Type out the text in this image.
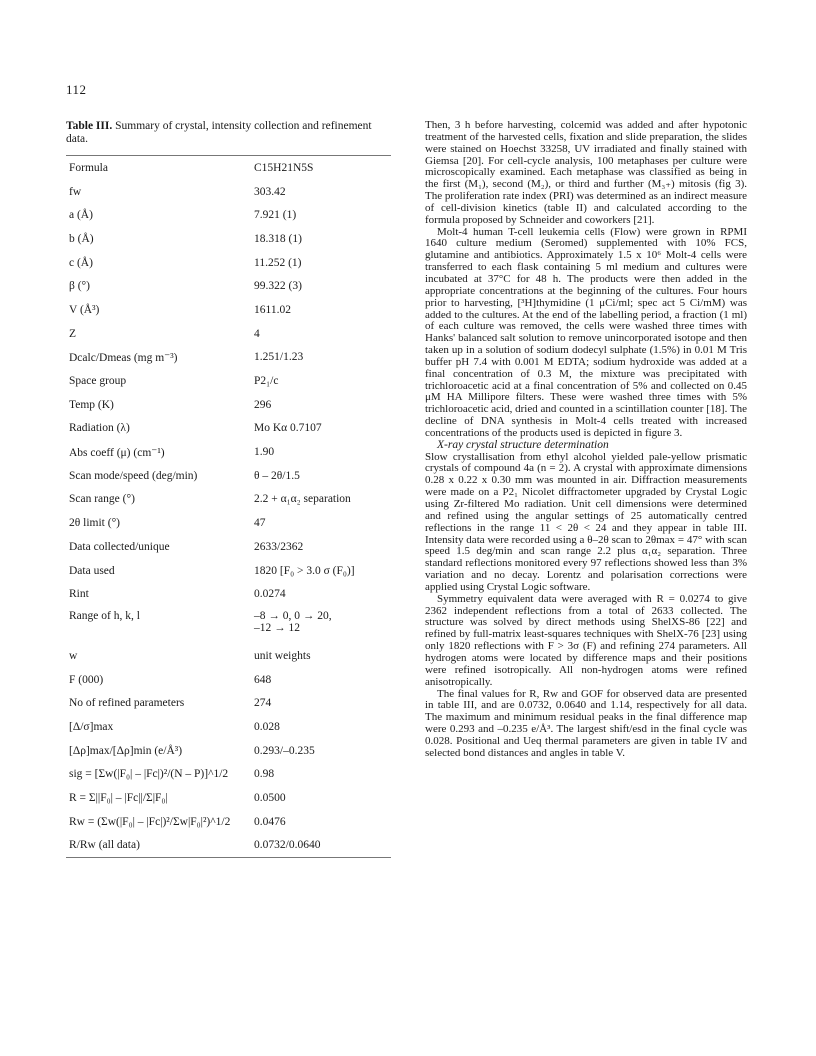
112

Table III. Summary of crystal, intensity collection and refinement data.

Formula	C15H21N5S
fw	303.42
a (Å)	7.921 (1)
b (Å)	18.318 (1)
c (Å)	11.252 (1)
β (°)	99.322 (3)
V (Å³)	1611.02
Z	4
Dcalc/Dmeas (mg m⁻³)	1.251/1.23
Space group	P2₁/c
Temp (K)	296
Radiation (λ)	Mo Kα 0.7107
Abs coeff (μ) (cm⁻¹)	1.90
Scan mode/speed (deg/min)	θ – 2θ/1.5
Scan range (°)	2.2 + α₁α₂ separation
2θ limit (°)	47
Data collected/unique	2633/2362
Data used	1820 [F₀ > 3.0 σ (F₀)]
Rint	0.0274
Range of h, k, l	–8 → 0, 0 → 20,
–12 → 12

w	unit weights
F (000)	648
No of refined parameters	274
[Δ/σ]max	0.028
[Δρ]max/[Δρ]min (e/Å³)	0.293/–0.235
sig = [Σw(|F₀| – |Fc|)²/(N – P)]^1/2	0.98
R = Σ||F₀| – |Fc||/Σ|F₀|	0.0500
Rw = (Σw(|F₀| – |Fc|)²/Σw|F₀|²)^1/2	0.0476
R/Rw (all data)	0.0732/0.0640

Then, 3 h before harvesting, colcemid was added and after hypotonic treatment of the harvested cells, fixation and slide preparation, the slides were stained on Hoechst 33258, UV irradiated and finally stained with Giemsa [20]. For cell-cycle analysis, 100 metaphases per culture were microscopically examined. Each metaphase was classified as being in the first (M₁), second (M₂), or third and further (M₃₊) mitosis (fig 3). The proliferation rate index (PRI) was determined as an indirect measure of cell-division kinetics (table II) and calculated according to the formula proposed by Schneider and coworkers [21].

Molt-4 human T-cell leukemia cells (Flow) were grown in RPMI 1640 culture medium (Seromed) supplemented with 10% FCS, glutamine and antibiotics. Approximately 1.5 x 10⁶ Molt-4 cells were transferred to each flask containing 5 ml medium and cultures were incubated at 37°C for 48 h. The products were then added in the appropriate concentrations at the beginning of the cultures. Four hours prior to harvesting, [³H]thymidine (1 μCi/ml; spec act 5 Ci/mM) was added to the cultures. At the end of the labelling period, a fraction (1 ml) of each culture was removed, the cells were washed three times with Hanks' balanced salt solution to remove unincorporated isotope and then taken up in a solution of sodium dodecyl sulphate (1.5%) in 0.01 M Tris buffer pH 7.4 with 0.001 M EDTA; sodium hydroxide was added at a final concentration of 0.3 M, the mixture was precipitated with trichloroacetic acid at a final concentration of 5% and collected on 0.45 μM HA Millipore filters. These were washed three times with 5% trichloroacetic acid, dried and counted in a scintillation counter [18]. The decline of DNA synthesis in Molt-4 cells treated with increased concentrations of the products used is depicted in figure 3.

X-ray crystal structure determination

Slow crystallisation from ethyl alcohol yielded pale-yellow prismatic crystals of compound 4a (n = 2). A crystal with approximate dimensions 0.28 x 0.22 x 0.30 mm was mounted in air. Diffraction measurements were made on a P2₁ Nicolet diffractometer upgraded by Crystal Logic using Zr-filtered Mo radiation. Unit cell dimensions were determined and refined using the angular settings of 25 automatically centred reflections in the range 11 < 2θ < 24 and they appear in table III. Intensity data were recorded using a θ–2θ scan to 2θmax = 47° with scan speed 1.5 deg/min and scan range 2.2 plus α₁α₂ separation. Three standard reflections monitored every 97 reflections showed less than 3% variation and no decay. Lorentz and polarisation corrections were applied using Crystal Logic software.

Symmetry equivalent data were averaged with R = 0.0274 to give 2362 independent reflections from a total of 2633 collected. The structure was solved by direct methods using ShelXS-86 [22] and refined by full-matrix least-squares techniques with ShelX-76 [23] using only 1820 reflections with F > 3σ (F) and refining 274 parameters. All hydrogen atoms were located by difference maps and their positions were refined isotropically. All non-hydrogen atoms were refined anisotropically.

The final values for R, Rw and GOF for observed data are presented in table III, and are 0.0732, 0.0640 and 1.14, respectively for all data. The maximum and minimum residual peaks in the final difference map were 0.293 and –0.235 e/Å³. The largest shift/esd in the final cycle was 0.028. Positional and Ueq thermal parameters are given in table IV and selected bond distances and angles in table V.
